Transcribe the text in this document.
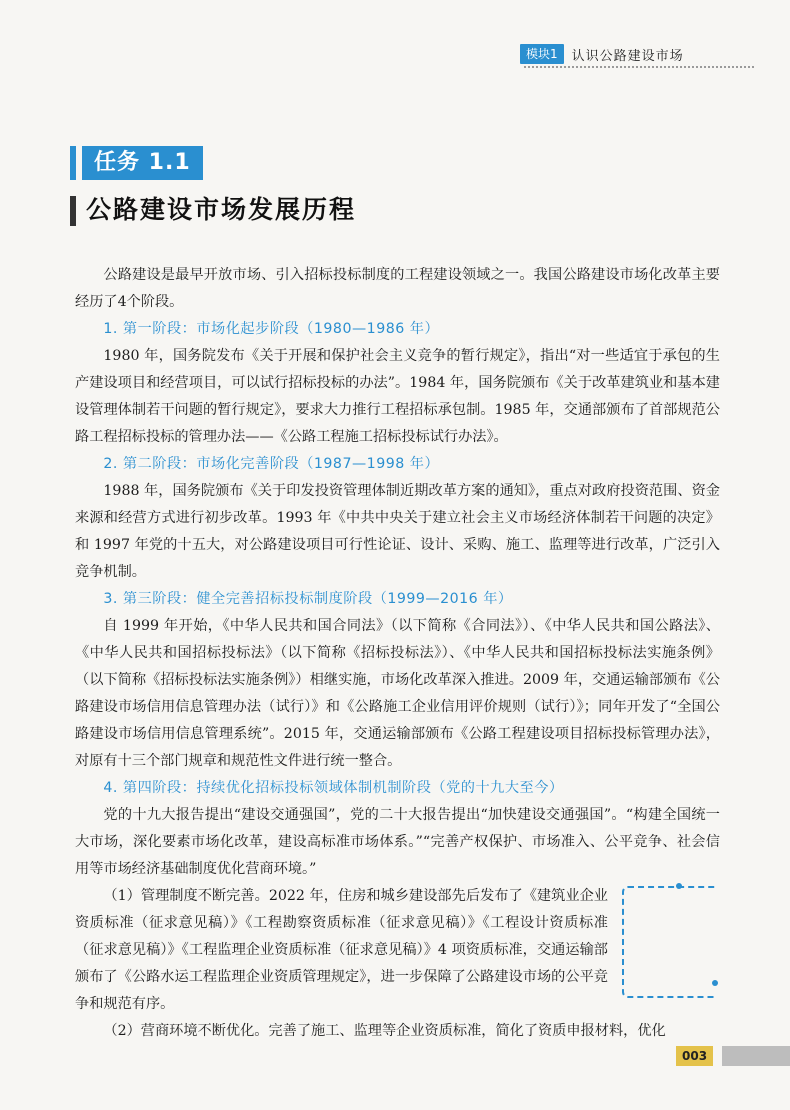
模块1	认识公路建设市场
任务 1.1
公路建设市场发展历程

公路建设是最早开放市场、引入招标投标制度的工程建设领域之一。我国公路建设市场化改革主要经历了4个阶段。

1. 第一阶段：市场化起步阶段（1980—1986 年）

1980 年，国务院发布《关于开展和保护社会主义竞争的暂行规定》，指出“对一些适宜于承包的生产建设项目和经营项目，可以试行招标投标的办法”。1984 年，国务院颁布《关于改革建筑业和基本建设管理体制若干问题的暂行规定》，要求大力推行工程招标承包制。1985 年，交通部颁布了首部规范公路工程招标投标的管理办法——《公路工程施工招标投标试行办法》。

2. 第二阶段：市场化完善阶段（1987—1998 年）

1988 年，国务院颁布《关于印发投资管理体制近期改革方案的通知》，重点对政府投资范围、资金来源和经营方式进行初步改革。1993 年《中共中央关于建立社会主义市场经济体制若干问题的决定》和 1997 年党的十五大，对公路建设项目可行性论证、设计、采购、施工、监理等进行改革，广泛引入竞争机制。

3. 第三阶段：健全完善招标投标制度阶段（1999—2016 年）

自 1999 年开始，《中华人民共和国合同法》（以下简称《合同法》）、《中华人民共和国公路法》、《中华人民共和国招标投标法》（以下简称《招标投标法》）、《中华人民共和国招标投标法实施条例》（以下简称《招标投标法实施条例》）相继实施，市场化改革深入推进。2009 年，交通运输部颁布《公路建设市场信用信息管理办法（试行）》和《公路施工企业信用评价规则（试行）》；同年开发了“全国公路建设市场信用信息管理系统”。2015 年，交通运输部颁布《公路工程建设项目招标投标管理办法》，对原有十三个部门规章和规范性文件进行统一整合。

4. 第四阶段：持续优化招标投标领域体制机制阶段（党的十九大至今）

党的十九大报告提出“建设交通强国”，党的二十大报告提出“加快建设交通强国”。“构建全国统一大市场，深化要素市场化改革，建设高标准市场体系。”“完善产权保护、市场准入、公平竞争、社会信用等市场经济基础制度优化营商环境。”

（1）管理制度不断完善。2022 年，住房和城乡建设部先后发布了《建筑业企业资质标准（征求意见稿）》《工程勘察资质标准（征求意见稿）》《工程设计资质标准（征求意见稿）》《工程监理企业资质标准（征求意见稿）》4 项资质标准，交通运输部颁布了《公路水运工程监理企业资质管理规定》，进一步保障了公路建设市场的公平竞争和规范有序。

（2）营商环境不断优化。完善了施工、监理等企业资质标准，简化了资质申报材料，优化

003
